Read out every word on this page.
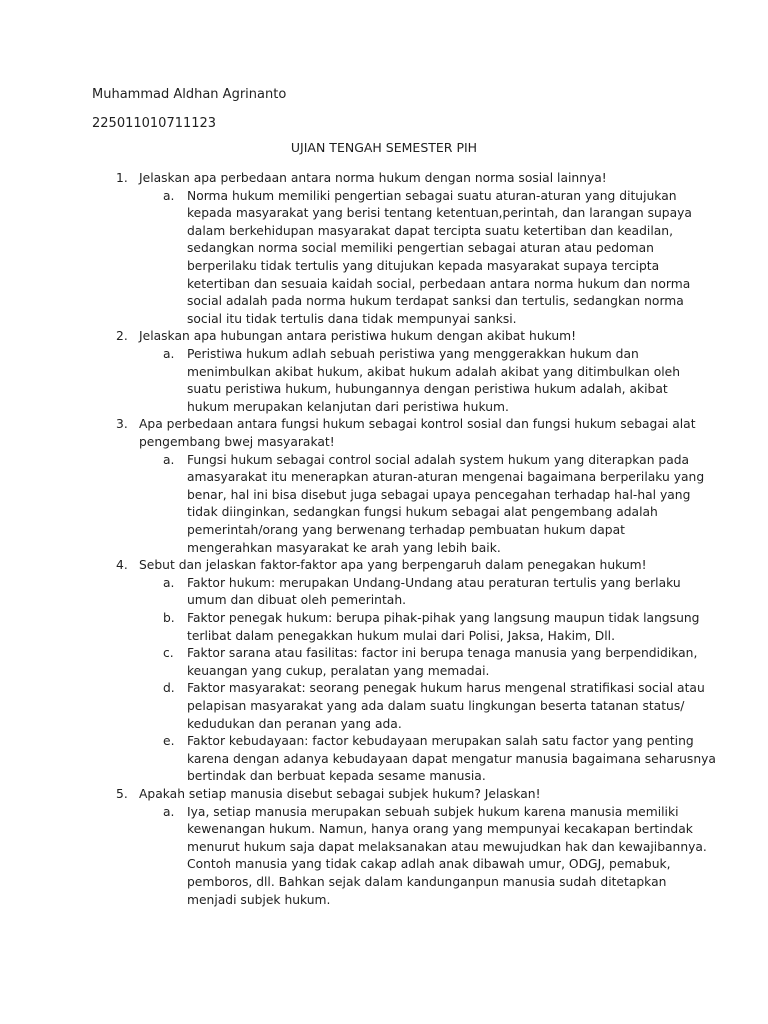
Muhammad Aldhan Agrinanto
225011010711123
UJIAN TENGAH SEMESTER PIH
1. Jelaskan apa perbedaan antara norma hukum dengan norma sosial lainnya!
a. Norma hukum memiliki pengertian sebagai suatu aturan-aturan yang ditujukan
kepada masyarakat yang berisi tentang ketentuan,perintah, dan larangan supaya
dalam berkehidupan masyarakat dapat tercipta suatu ketertiban dan keadilan,
sedangkan norma social memiliki pengertian sebagai aturan atau pedoman
berperilaku tidak tertulis yang ditujukan kepada masyarakat supaya tercipta
ketertiban dan sesuaia kaidah social, perbedaan antara norma hukum dan norma
social adalah pada norma hukum terdapat sanksi dan tertulis, sedangkan norma
social itu tidak tertulis dana tidak mempunyai sanksi.
2. Jelaskan apa hubungan antara peristiwa hukum dengan akibat hukum!
a. Peristiwa hukum adlah sebuah peristiwa yang menggerakkan hukum dan
menimbulkan akibat hukum, akibat hukum adalah akibat yang ditimbulkan oleh
suatu peristiwa hukum, hubungannya dengan peristiwa hukum adalah, akibat
hukum merupakan kelanjutan dari peristiwa hukum.
3. Apa perbedaan antara fungsi hukum sebagai kontrol sosial dan fungsi hukum sebagai alat
pengembang bwej masyarakat!
a. Fungsi hukum sebagai control social adalah system hukum yang diterapkan pada
amasyarakat itu menerapkan aturan-aturan mengenai bagaimana berperilaku yang
benar, hal ini bisa disebut juga sebagai upaya pencegahan terhadap hal-hal yang
tidak diinginkan, sedangkan fungsi hukum sebagai alat pengembang adalah
pemerintah/orang yang berwenang terhadap pembuatan hukum dapat
mengerahkan masyarakat ke arah yang lebih baik.
4. Sebut dan jelaskan faktor-faktor apa yang berpengaruh dalam penegakan hukum!
a. Faktor hukum: merupakan Undang-Undang atau peraturan tertulis yang berlaku
umum dan dibuat oleh pemerintah.
b. Faktor penegak hukum: berupa pihak-pihak yang langsung maupun tidak langsung
terlibat dalam penegakkan hukum mulai dari Polisi, Jaksa, Hakim, Dll.
c. Faktor sarana atau fasilitas: factor ini berupa tenaga manusia yang berpendidikan,
keuangan yang cukup, peralatan yang memadai.
d. Faktor masyarakat: seorang penegak hukum harus mengenal stratifikasi social atau
pelapisan masyarakat yang ada dalam suatu lingkungan beserta tatanan status/
kedudukan dan peranan yang ada.
e. Faktor kebudayaan: factor kebudayaan merupakan salah satu factor yang penting
karena dengan adanya kebudayaan dapat mengatur manusia bagaimana seharusnya
bertindak dan berbuat kepada sesame manusia.
5. Apakah setiap manusia disebut sebagai subjek hukum? Jelaskan!
a. Iya, setiap manusia merupakan sebuah subjek hukum karena manusia memiliki
kewenangan hukum. Namun, hanya orang yang mempunyai kecakapan bertindak
menurut hukum saja dapat melaksanakan atau mewujudkan hak dan kewajibannya.
Contoh manusia yang tidak cakap adlah anak dibawah umur, ODGJ, pemabuk,
pemboros, dll. Bahkan sejak dalam kandunganpun manusia sudah ditetapkan
menjadi subjek hukum.
